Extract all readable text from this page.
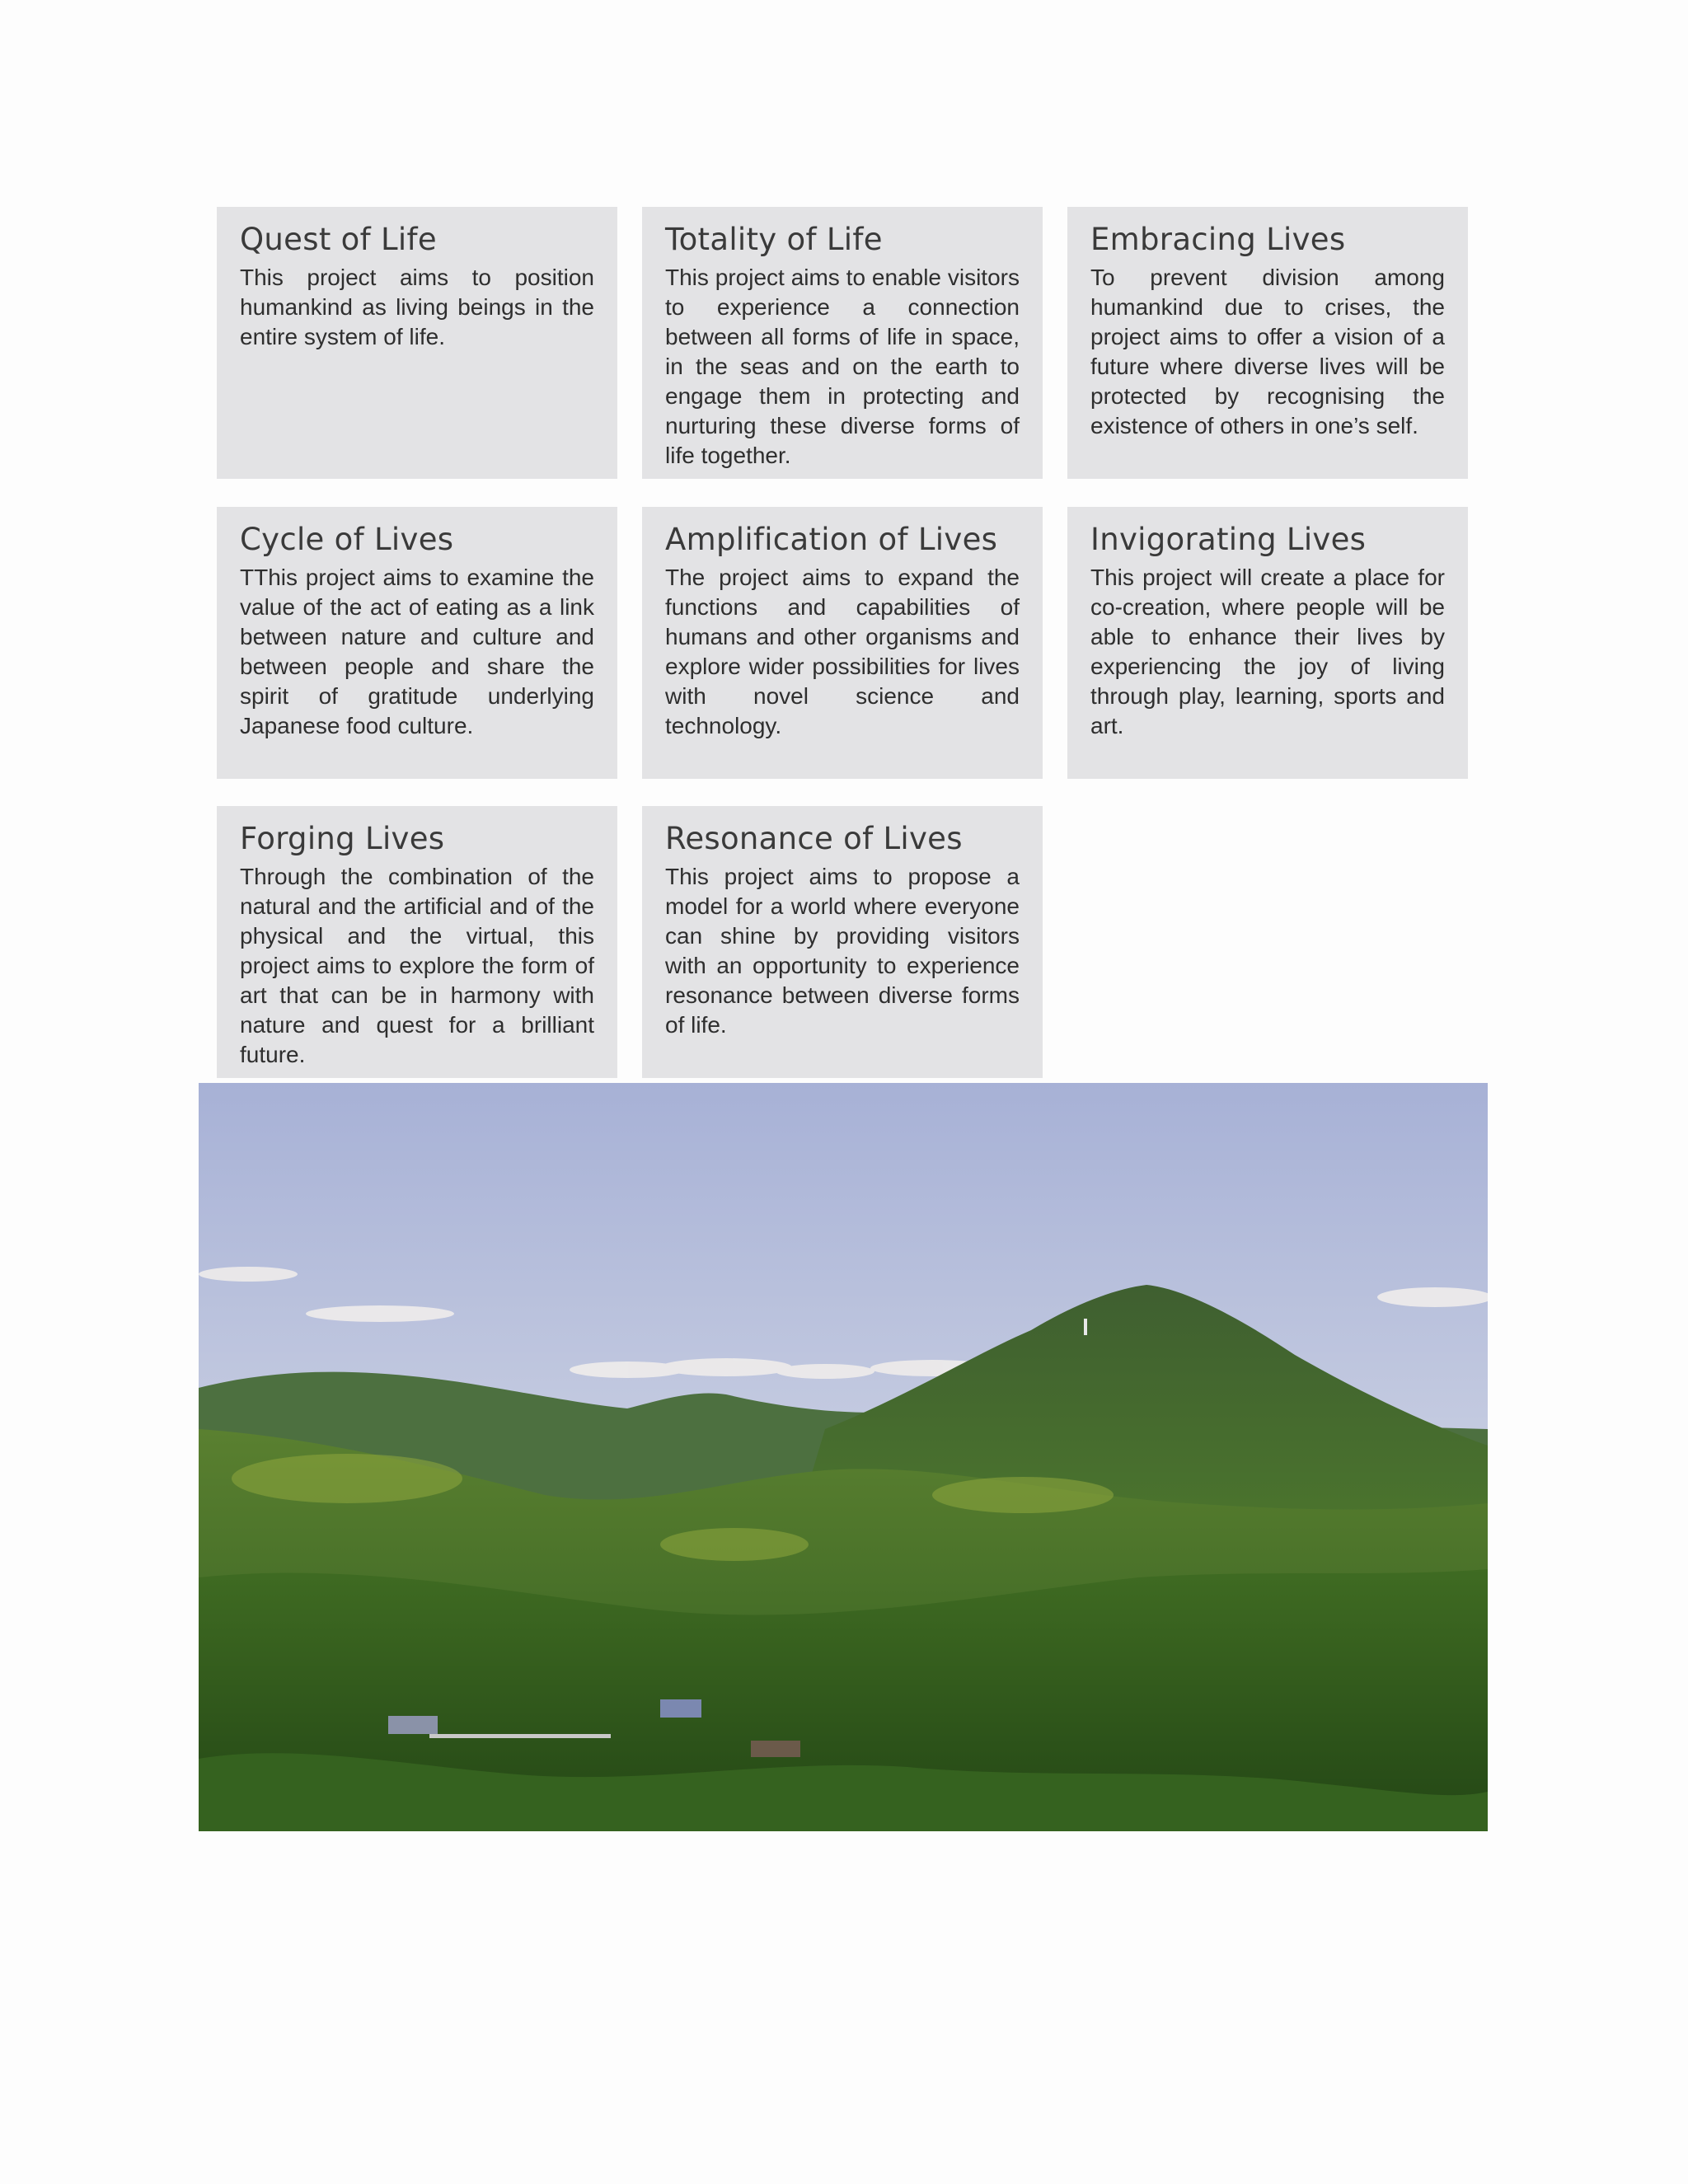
Quest of Life

This project aims to position humankind as living beings in the entire system of life.

Totality of Life

This project aims to enable visitors to experience a connection between all forms of life in space, in the seas and on the earth to engage them in protecting and nurturing these diverse forms of life together.

Embracing Lives

To prevent division among humankind due to crises, the project aims to offer a vision of a future where diverse lives will be protected by recognising the existence of others in one’s self.

Cycle of Lives

TThis project aims to examine the value of the act of eating as a link between nature and culture and between people and share the spirit of gratitude underlying Japanese food culture.

Amplification of Lives

The project aims to expand the functions and capabilities of humans and other organisms and explore wider possibilities for lives with novel science and technology.

Invigorating Lives

This project will create a place for co-creation, where people will be able to enhance their lives by experiencing the joy of living through play, learning, sports and art.

Forging Lives

Through the combination of the natural and the artificial and of the physical and the virtual, this project aims to explore the form of art that can be in harmony with nature and quest for a brilliant future.

Resonance of Lives

This project aims to propose a model for a world where everyone can shine by providing visitors with an opportunity to experience resonance between diverse forms of life.
